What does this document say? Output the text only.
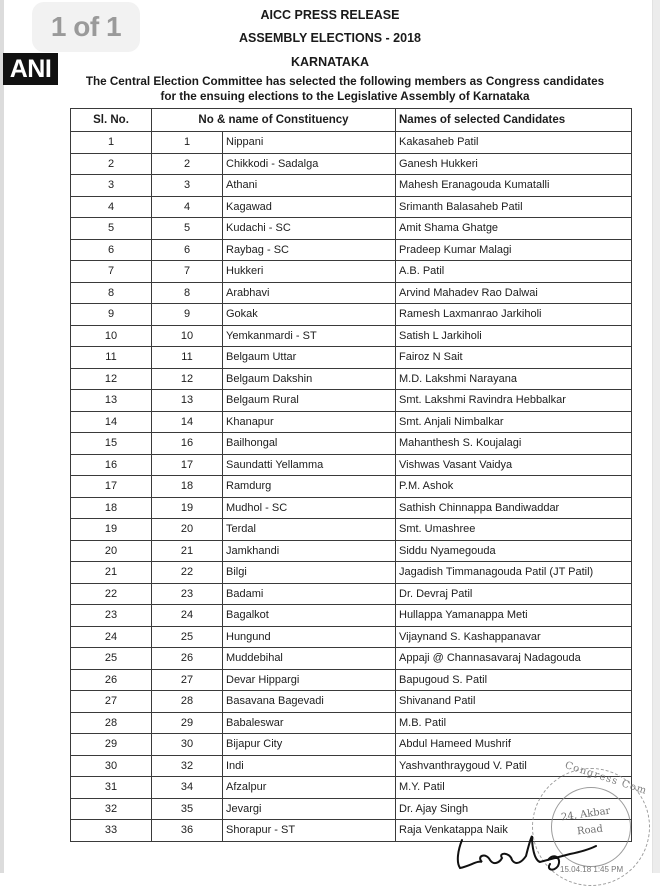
1 of 1
ANI
AICC PRESS RELEASE
ASSEMBLY ELECTIONS - 2018
KARNATAKA
The Central Election Committee has selected the following members as Congress candidates
for the ensuing elections to the Legislative Assembly of Karnataka
Sl. No.	No & name of Constituency		Names of selected Candidates
1	1	Nippani	Kakasaheb Patil
2	2	Chikkodi - Sadalga	Ganesh Hukkeri
3	3	Athani	Mahesh Eranagouda Kumatalli
4	4	Kagawad	Srimanth Balasaheb Patil
5	5	Kudachi - SC	Amit Shama Ghatge
6	6	Raybag - SC	Pradeep Kumar Malagi
7	7	Hukkeri	A.B. Patil
8	8	Arabhavi	Arvind Mahadev Rao Dalwai
9	9	Gokak	Ramesh Laxmanrao Jarkiholi
10	10	Yemkanmardi - ST	Satish L Jarkiholi
11	11	Belgaum Uttar	Fairoz N Sait
12	12	Belgaum Dakshin	M.D. Lakshmi Narayana
13	13	Belgaum Rural	Smt. Lakshmi Ravindra Hebbalkar
14	14	Khanapur	Smt. Anjali Nimbalkar
15	16	Bailhongal	Mahanthesh S. Koujalagi
16	17	Saundatti Yellamma	Vishwas Vasant Vaidya
17	18	Ramdurg	P.M. Ashok
18	19	Mudhol - SC	Sathish Chinnappa Bandiwaddar
19	20	Terdal	Smt. Umashree
20	21	Jamkhandi	Siddu Nyamegouda
21	22	Bilgi	Jagadish Timmanagouda Patil (JT Patil)
22	23	Badami	Dr. Devraj Patil
23	24	Bagalkot	Hullappa Yamanappa Meti
24	25	Hungund	Vijaynand S. Kashappanavar
25	26	Muddebihal	Appaji @ Channasavaraj Nadagouda
26	27	Devar Hippargi	Bapugoud S. Patil
27	28	Basavana Bagevadi	Shivanand Patil
28	29	Babaleswar	M.B. Patil
29	30	Bijapur City	Abdul Hameed Mushrif
30	32	Indi	Yashvanthraygoud V. Patil
31	34	Afzalpur	M.Y. Patil
32	35	Jevargi	Dr. Ajay Singh
33	36	Shorapur - ST	Raja Venkatappa Naik
Congress Com
24, Akbar
Road
15.04.18 1:45 PM
